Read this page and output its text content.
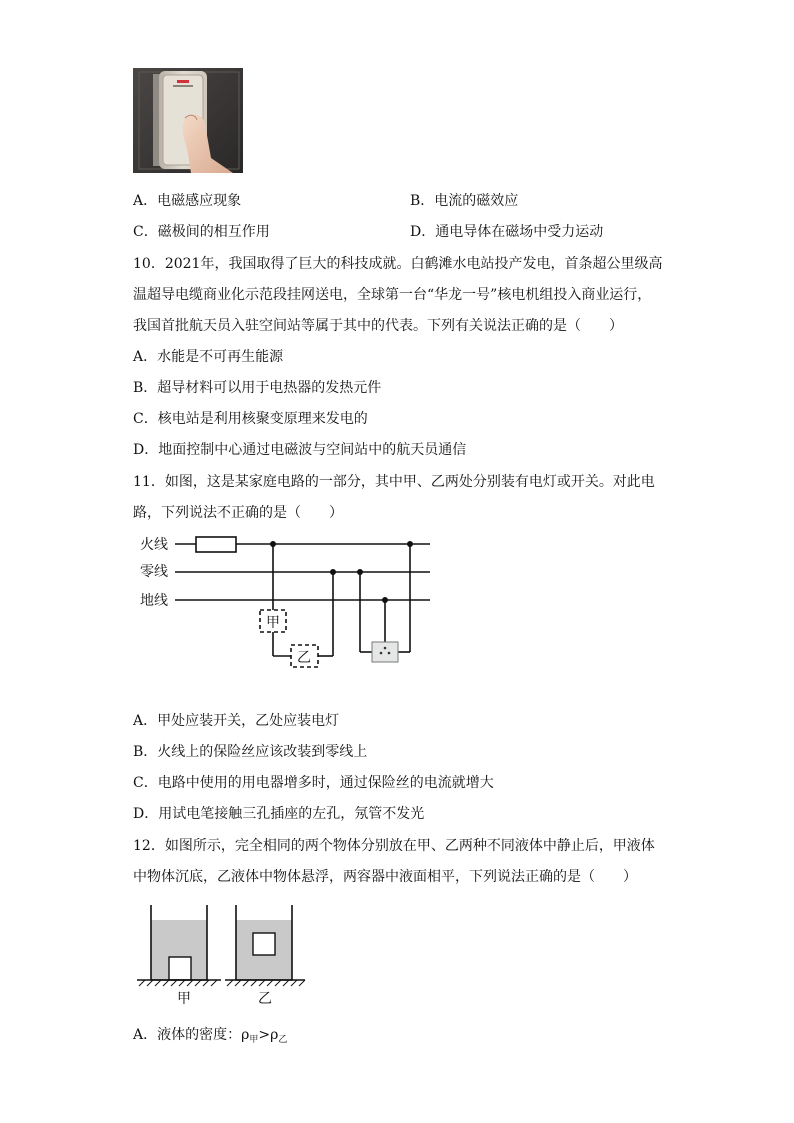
A．电磁感应现象	B．电流的磁效应
C．磁极间的相互作用	D．通电导体在磁场中受力运动
10．2021年，我国取得了巨大的科技成就。白鹤滩水电站投产发电，首条超公里级高
温超导电缆商业化示范段挂网送电，全球第一台“华龙一号”核电机组投入商业运行，
我国首批航天员入驻空间站等属于其中的代表。下列有关说法正确的是（　　）
A．水能是不可再生能源
B．超导材料可以用于电热器的发热元件
C．核电站是利用核聚变原理来发电的
D．地面控制中心通过电磁波与空间站中的航天员通信
11．如图，这是某家庭电路的一部分，其中甲、乙两处分别装有电灯或开关。对此电
路，下列说法不正确的是（　　）
火线
零线
地线
甲
乙
A．甲处应装开关，乙处应装电灯
B．火线上的保险丝应该改装到零线上
C．电路中使用的用电器增多时，通过保险丝的电流就增大
D．用试电笔接触三孔插座的左孔，氖管不发光
12．如图所示，完全相同的两个物体分别放在甲、乙两种不同液体中静止后，甲液体
中物体沉底，乙液体中物体悬浮，两容器中液面相平，下列说法正确的是（　　）
甲	乙
A．液体的密度：$\rho_甲>\rho_乙$
